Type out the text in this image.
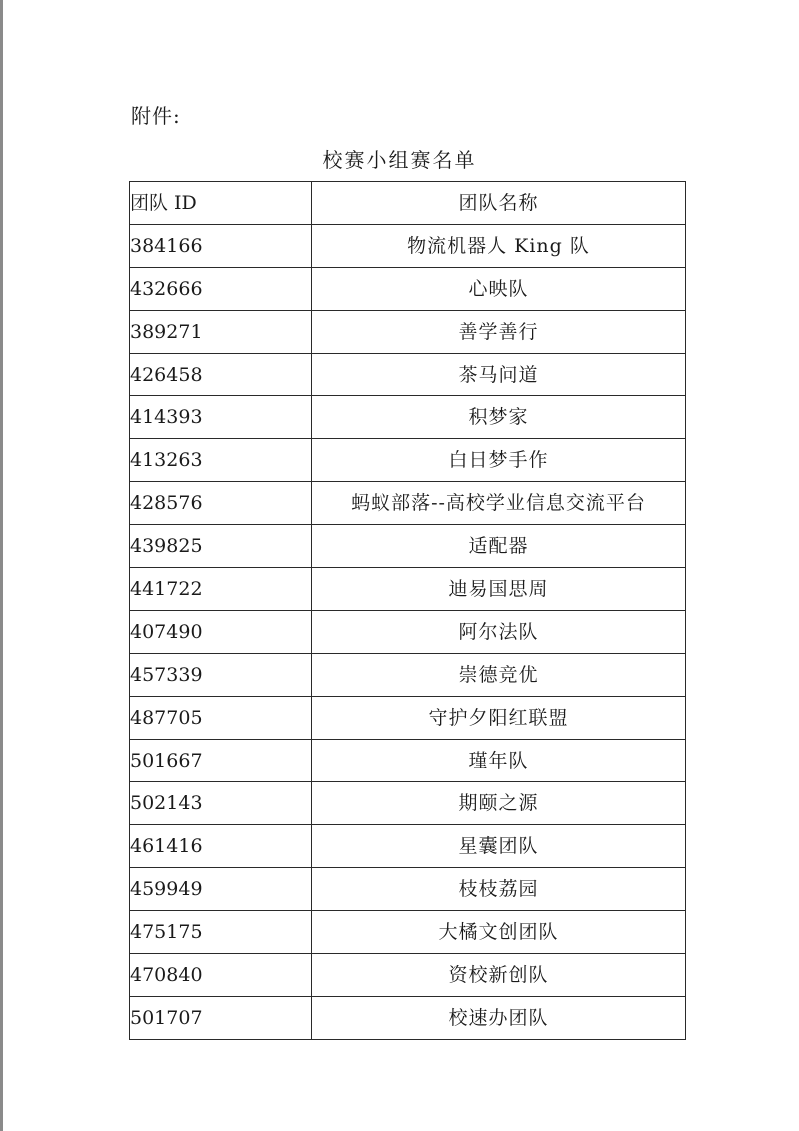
附件:
校赛小组赛名单
团队 ID	团队名称
384166	物流机器人 King 队
432666	心映队
389271	善学善行
426458	茶马问道
414393	积梦家
413263	白日梦手作
428576	蚂蚁部落--高校学业信息交流平台
439825	适配器
441722	迪易国思周
407490	阿尔法队
457339	崇德竞优
487705	守护夕阳红联盟
501667	瑾年队
502143	期颐之源
461416	星囊团队
459949	枝枝荔园
475175	大橘文创团队
470840	资校新创队
501707	校速办团队
